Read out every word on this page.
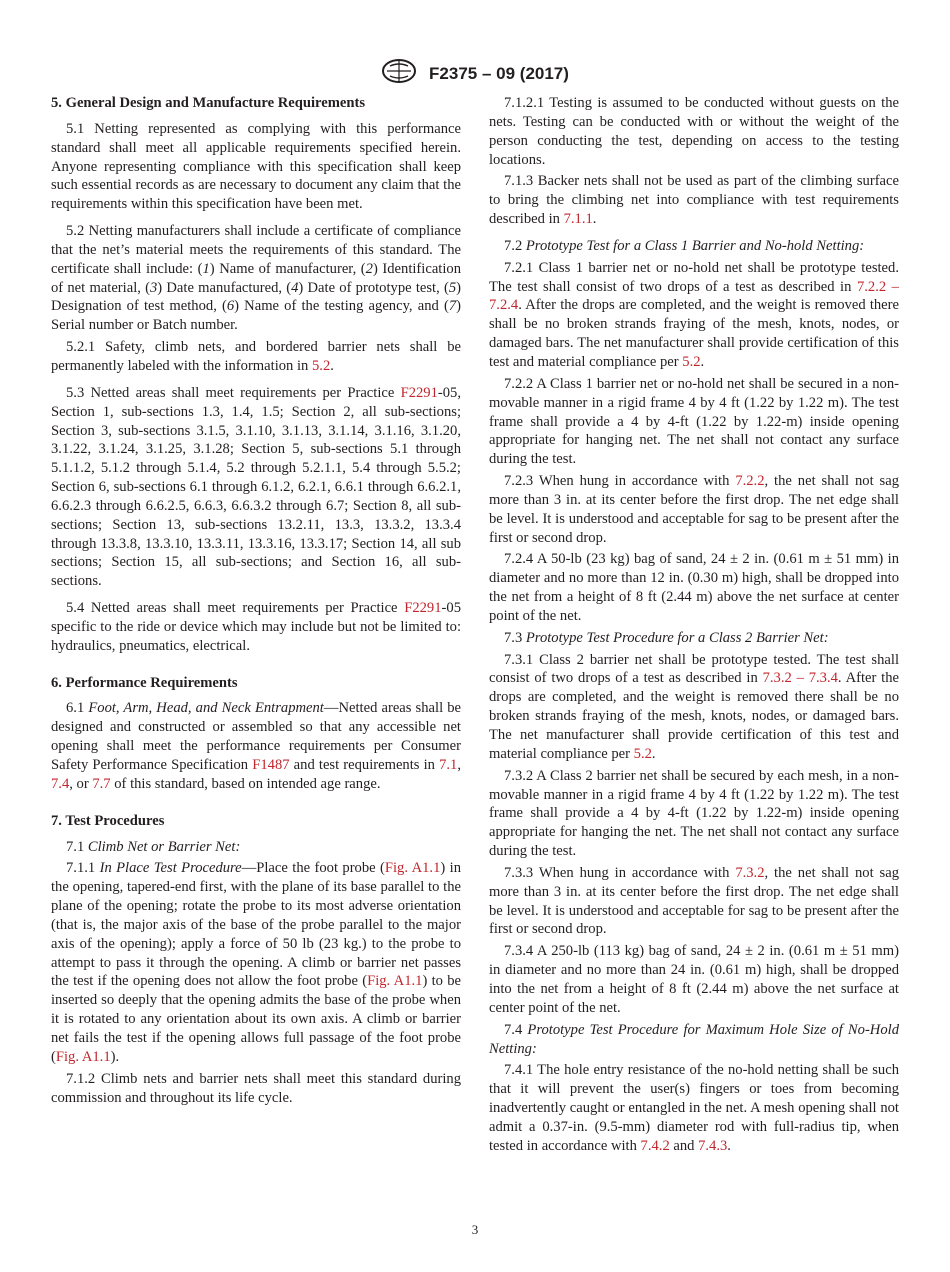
F2375 – 09 (2017)
5. General Design and Manufacture Requirements

5.1 Netting represented as complying with this performance standard shall meet all applicable requirements specified herein. Anyone representing compliance with this specification shall keep such essential records as are necessary to document any claim that the requirements within this specification have been met.

5.2 Netting manufacturers shall include a certificate of compliance that the net’s material meets the requirements of this standard. The certificate shall include: (1) Name of manufacturer, (2) Identification of net material, (3) Date manufactured, (4) Date of prototype test, (5) Designation of test method, (6) Name of the testing agency, and (7) Serial number or Batch number.

5.2.1 Safety, climb nets, and bordered barrier nets shall be permanently labeled with the information in 5.2.

5.3 Netted areas shall meet requirements per Practice F2291-05, Section 1, sub-sections 1.3, 1.4, 1.5; Section 2, all sub-sections; Section 3, sub-sections 3.1.5, 3.1.10, 3.1.13, 3.1.14, 3.1.16, 3.1.20, 3.1.22, 3.1.24, 3.1.25, 3.1.28; Section 5, sub-sections 5.1 through 5.1.1.2, 5.1.2 through 5.1.4, 5.2 through 5.2.1.1, 5.4 through 5.5.2; Section 6, sub-sections 6.1 through 6.1.2, 6.2.1, 6.6.1 through 6.6.2.1, 6.6.2.3 through 6.6.2.5, 6.6.3, 6.6.3.2 through 6.7; Section 8, all sub-sections; Section 13, sub-sections 13.2.11, 13.3, 13.3.2, 13.3.4 through 13.3.8, 13.3.10, 13.3.11, 13.3.16, 13.3.17; Section 14, all sub sections; Section 15, all sub-sections; and Section 16, all sub-sections.

5.4 Netted areas shall meet requirements per Practice F2291-05 specific to the ride or device which may include but not be limited to: hydraulics, pneumatics, electrical.

6. Performance Requirements

6.1 Foot, Arm, Head, and Neck Entrapment—Netted areas shall be designed and constructed or assembled so that any accessible net opening shall meet the performance requirements per Consumer Safety Performance Specification F1487 and test requirements in 7.1, 7.4, or 7.7 of this standard, based on intended age range.

7. Test Procedures

7.1 Climb Net or Barrier Net:

7.1.1 In Place Test Procedure—Place the foot probe (Fig. A1.1) in the opening, tapered-end first, with the plane of its base parallel to the plane of the opening; rotate the probe to its most adverse orientation (that is, the major axis of the base of the probe parallel to the major axis of the opening); apply a force of 50 lb (23 kg.) to the probe to attempt to pass it through the opening. A climb or barrier net passes the test if the opening does not allow the foot probe (Fig. A1.1) to be inserted so deeply that the opening admits the base of the probe when it is rotated to any orientation about its own axis. A climb or barrier net fails the test if the opening allows full passage of the foot probe (Fig. A1.1).

7.1.2 Climb nets and barrier nets shall meet this standard during commission and throughout its life cycle.

7.1.2.1 Testing is assumed to be conducted without guests on the nets. Testing can be conducted with or without the weight of the person conducting the test, depending on access to the testing locations.

7.1.3 Backer nets shall not be used as part of the climbing surface to bring the climbing net into compliance with test requirements described in 7.1.1.

7.2 Prototype Test for a Class 1 Barrier and No-hold Netting:

7.2.1 Class 1 barrier net or no-hold net shall be prototype tested. The test shall consist of two drops of a test as described in 7.2.2 – 7.2.4. After the drops are completed, and the weight is removed there shall be no broken strands fraying of the mesh, knots, nodes, or damaged bars. The net manufacturer shall provide certification of this test and material compliance per 5.2.

7.2.2 A Class 1 barrier net or no-hold net shall be secured in a non-movable manner in a rigid frame 4 by 4 ft (1.22 by 1.22 m). The test frame shall provide a 4 by 4-ft (1.22 by 1.22-m) inside opening appropriate for hanging net. The net shall not contact any surface during the test.

7.2.3 When hung in accordance with 7.2.2, the net shall not sag more than 3 in. at its center before the first drop. The net edge shall be level. It is understood and acceptable for sag to be present after the first or second drop.

7.2.4 A 50-lb (23 kg) bag of sand, 24 ± 2 in. (0.61 m ± 51 mm) in diameter and no more than 12 in. (0.30 m) high, shall be dropped into the net from a height of 8 ft (2.44 m) above the net surface at center point of the net.

7.3 Prototype Test Procedure for a Class 2 Barrier Net:

7.3.1 Class 2 barrier net shall be prototype tested. The test shall consist of two drops of a test as described in 7.3.2 – 7.3.4. After the drops are completed, and the weight is removed there shall be no broken strands fraying of the mesh, knots, nodes, or damaged bars. The net manufacturer shall provide certification of this test and material compliance per 5.2.

7.3.2 A Class 2 barrier net shall be secured by each mesh, in a non-movable manner in a rigid frame 4 by 4 ft (1.22 by 1.22 m). The test frame shall provide a 4 by 4-ft (1.22 by 1.22-m) inside opening appropriate for hanging the net. The net shall not contact any surface during the test.

7.3.3 When hung in accordance with 7.3.2, the net shall not sag more than 3 in. at its center before the first drop. The net edge shall be level. It is understood and acceptable for sag to be present after the first or second drop.

7.3.4 A 250-lb (113 kg) bag of sand, 24 ± 2 in. (0.61 m ± 51 mm) in diameter and no more than 24 in. (0.61 m) high, shall be dropped into the net from a height of 8 ft (2.44 m) above the net surface at center point of the net.

7.4 Prototype Test Procedure for Maximum Hole Size of No-Hold Netting:

7.4.1 The hole entry resistance of the no-hold netting shall be such that it will prevent the user(s) fingers or toes from becoming inadvertently caught or entangled in the net. A mesh opening shall not admit a 0.37-in. (9.5-mm) diameter rod with full-radius tip, when tested in accordance with 7.4.2 and 7.4.3.

3
